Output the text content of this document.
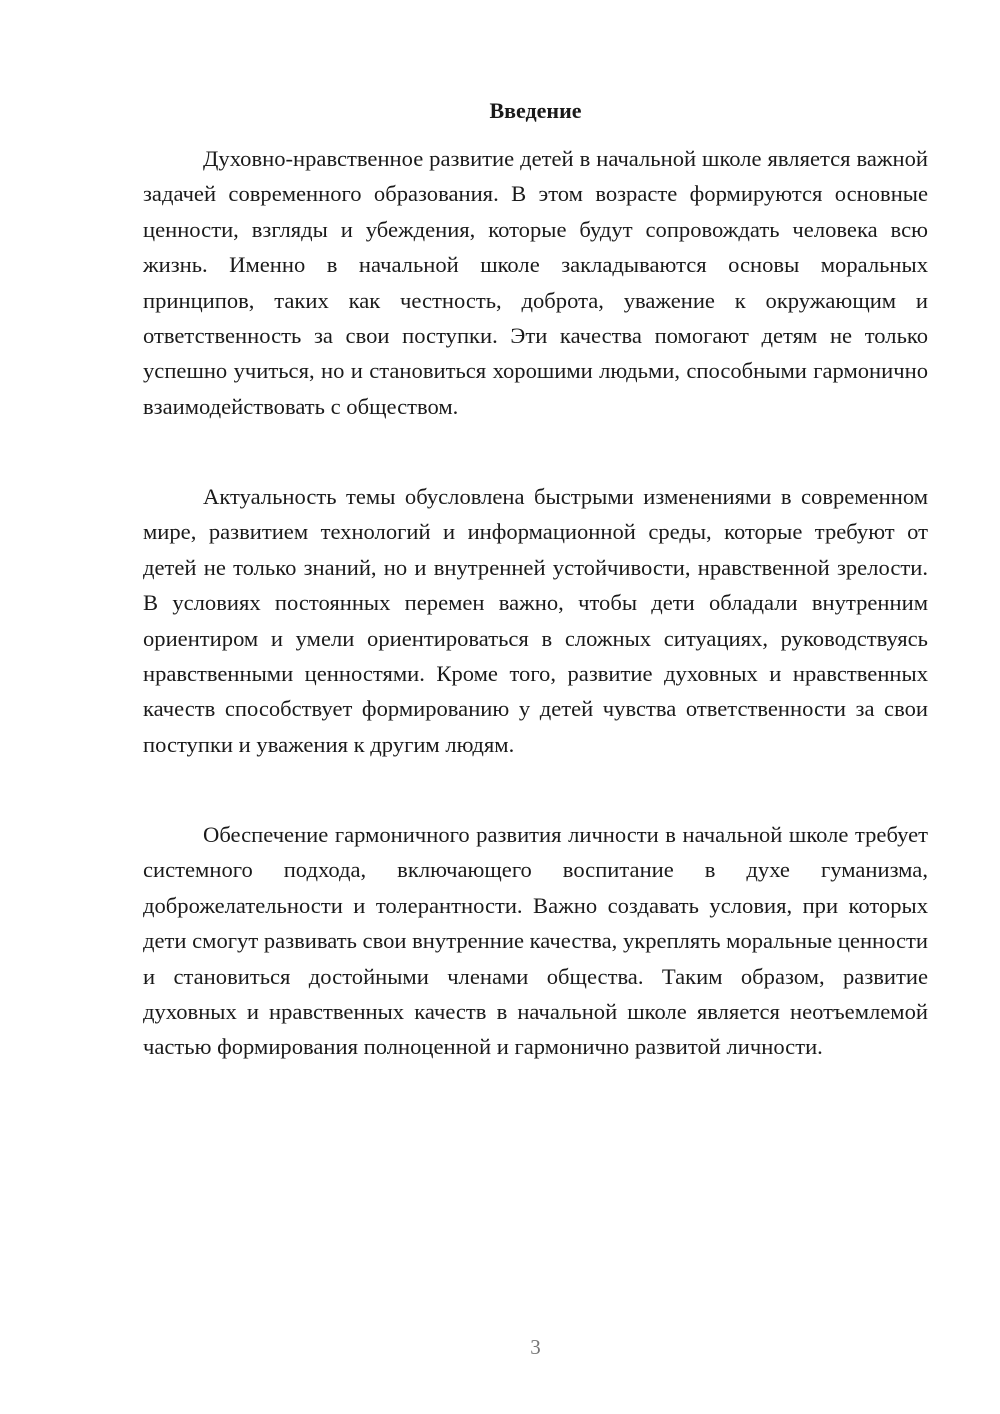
Введение

Духовно-нравственное развитие детей в начальной школе является важной задачей современного образования. В этом возрасте формируются основные ценности, взгляды и убеждения, которые будут сопровождать человека всю жизнь. Именно в начальной школе закладываются основы моральных принципов, таких как честность, доброта, уважение к окружающим и ответственность за свои поступки. Эти качества помогают детям не только успешно учиться, но и становиться хорошими людьми, способными гармонично взаимодействовать с обществом.

Актуальность темы обусловлена быстрыми изменениями в современном мире, развитием технологий и информационной среды, которые требуют от детей не только знаний, но и внутренней устойчивости, нравственной зрелости. В условиях постоянных перемен важно, чтобы дети обладали внутренним ориентиром и умели ориентироваться в сложных ситуациях, руководствуясь нравственными ценностями. Кроме того, развитие духовных и нравственных качеств способствует формированию у детей чувства ответственности за свои поступки и уважения к другим людям.

Обеспечение гармоничного развития личности в начальной школе требует системного подхода, включающего воспитание в духе гуманизма, доброжелательности и толерантности. Важно создавать условия, при которых дети смогут развивать свои внутренние качества, укреплять моральные ценности и становиться достойными членами общества. Таким образом, развитие духовных и нравственных качеств в начальной школе является неотъемлемой частью формирования полноценной и гармонично развитой личности.

3
